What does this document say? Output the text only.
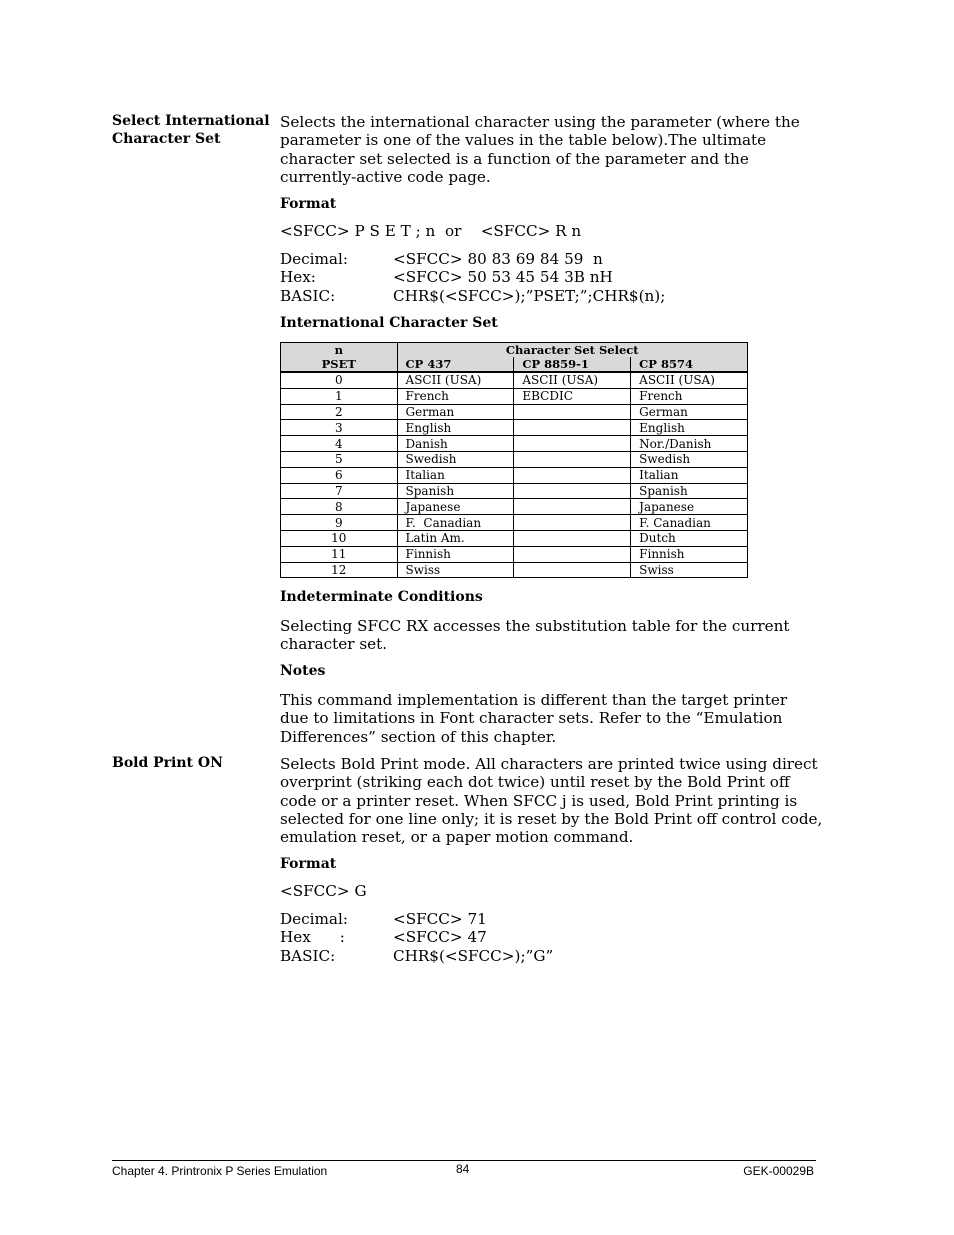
Select International
Character Set
Selects the international character using the parameter (where the
parameter is one of the values in the table below).The ultimate
character set selected is a function of the parameter and the
currently-active code page.
Format
<SFCC> P S E T ; n  or    <SFCC> R n
Decimal:	<SFCC> 80 83 69 84 59  n
Hex:	<SFCC> 50 53 45 54 3B nH
BASIC:	CHR$(<SFCC>);”PSET;”;CHR$(n);
International Character Set
n	Character Set Select		
PSET	CP 437	CP 8859-1	CP 8574
0	ASCII (USA)	ASCII (USA)	ASCII (USA)
1	French	EBCDIC	French
2	German		German
3	English		English
4	Danish		Nor./Danish
5	Swedish		Swedish
6	Italian		Italian
7	Spanish		Spanish
8	Japanese		Japanese
9	F.  Canadian		F. Canadian
10	Latin Am.		Dutch
11	Finnish		Finnish
12	Swiss		Swiss
Indeterminate Conditions
Selecting SFCC RX accesses the substitution table for the current
character set.
Notes
This command implementation is different than the target printer
due to limitations in Font character sets. Refer to the “Emulation
Differences” section of this chapter.
Bold Print ON	Selects Bold Print mode. All characters are printed twice using direct
overprint (striking each dot twice) until reset by the Bold Print off
code or a printer reset. When SFCC j is used, Bold Print printing is
selected for one line only; it is reset by the Bold Print off control code,
emulation reset, or a paper motion command.
Format
<SFCC> G
Decimal:	<SFCC> 71
Hex      :	<SFCC> 47
BASIC:	CHR$(<SFCC>);”G”
Chapter 4. Printronix P Series Emulation	84	GEK-00029B
